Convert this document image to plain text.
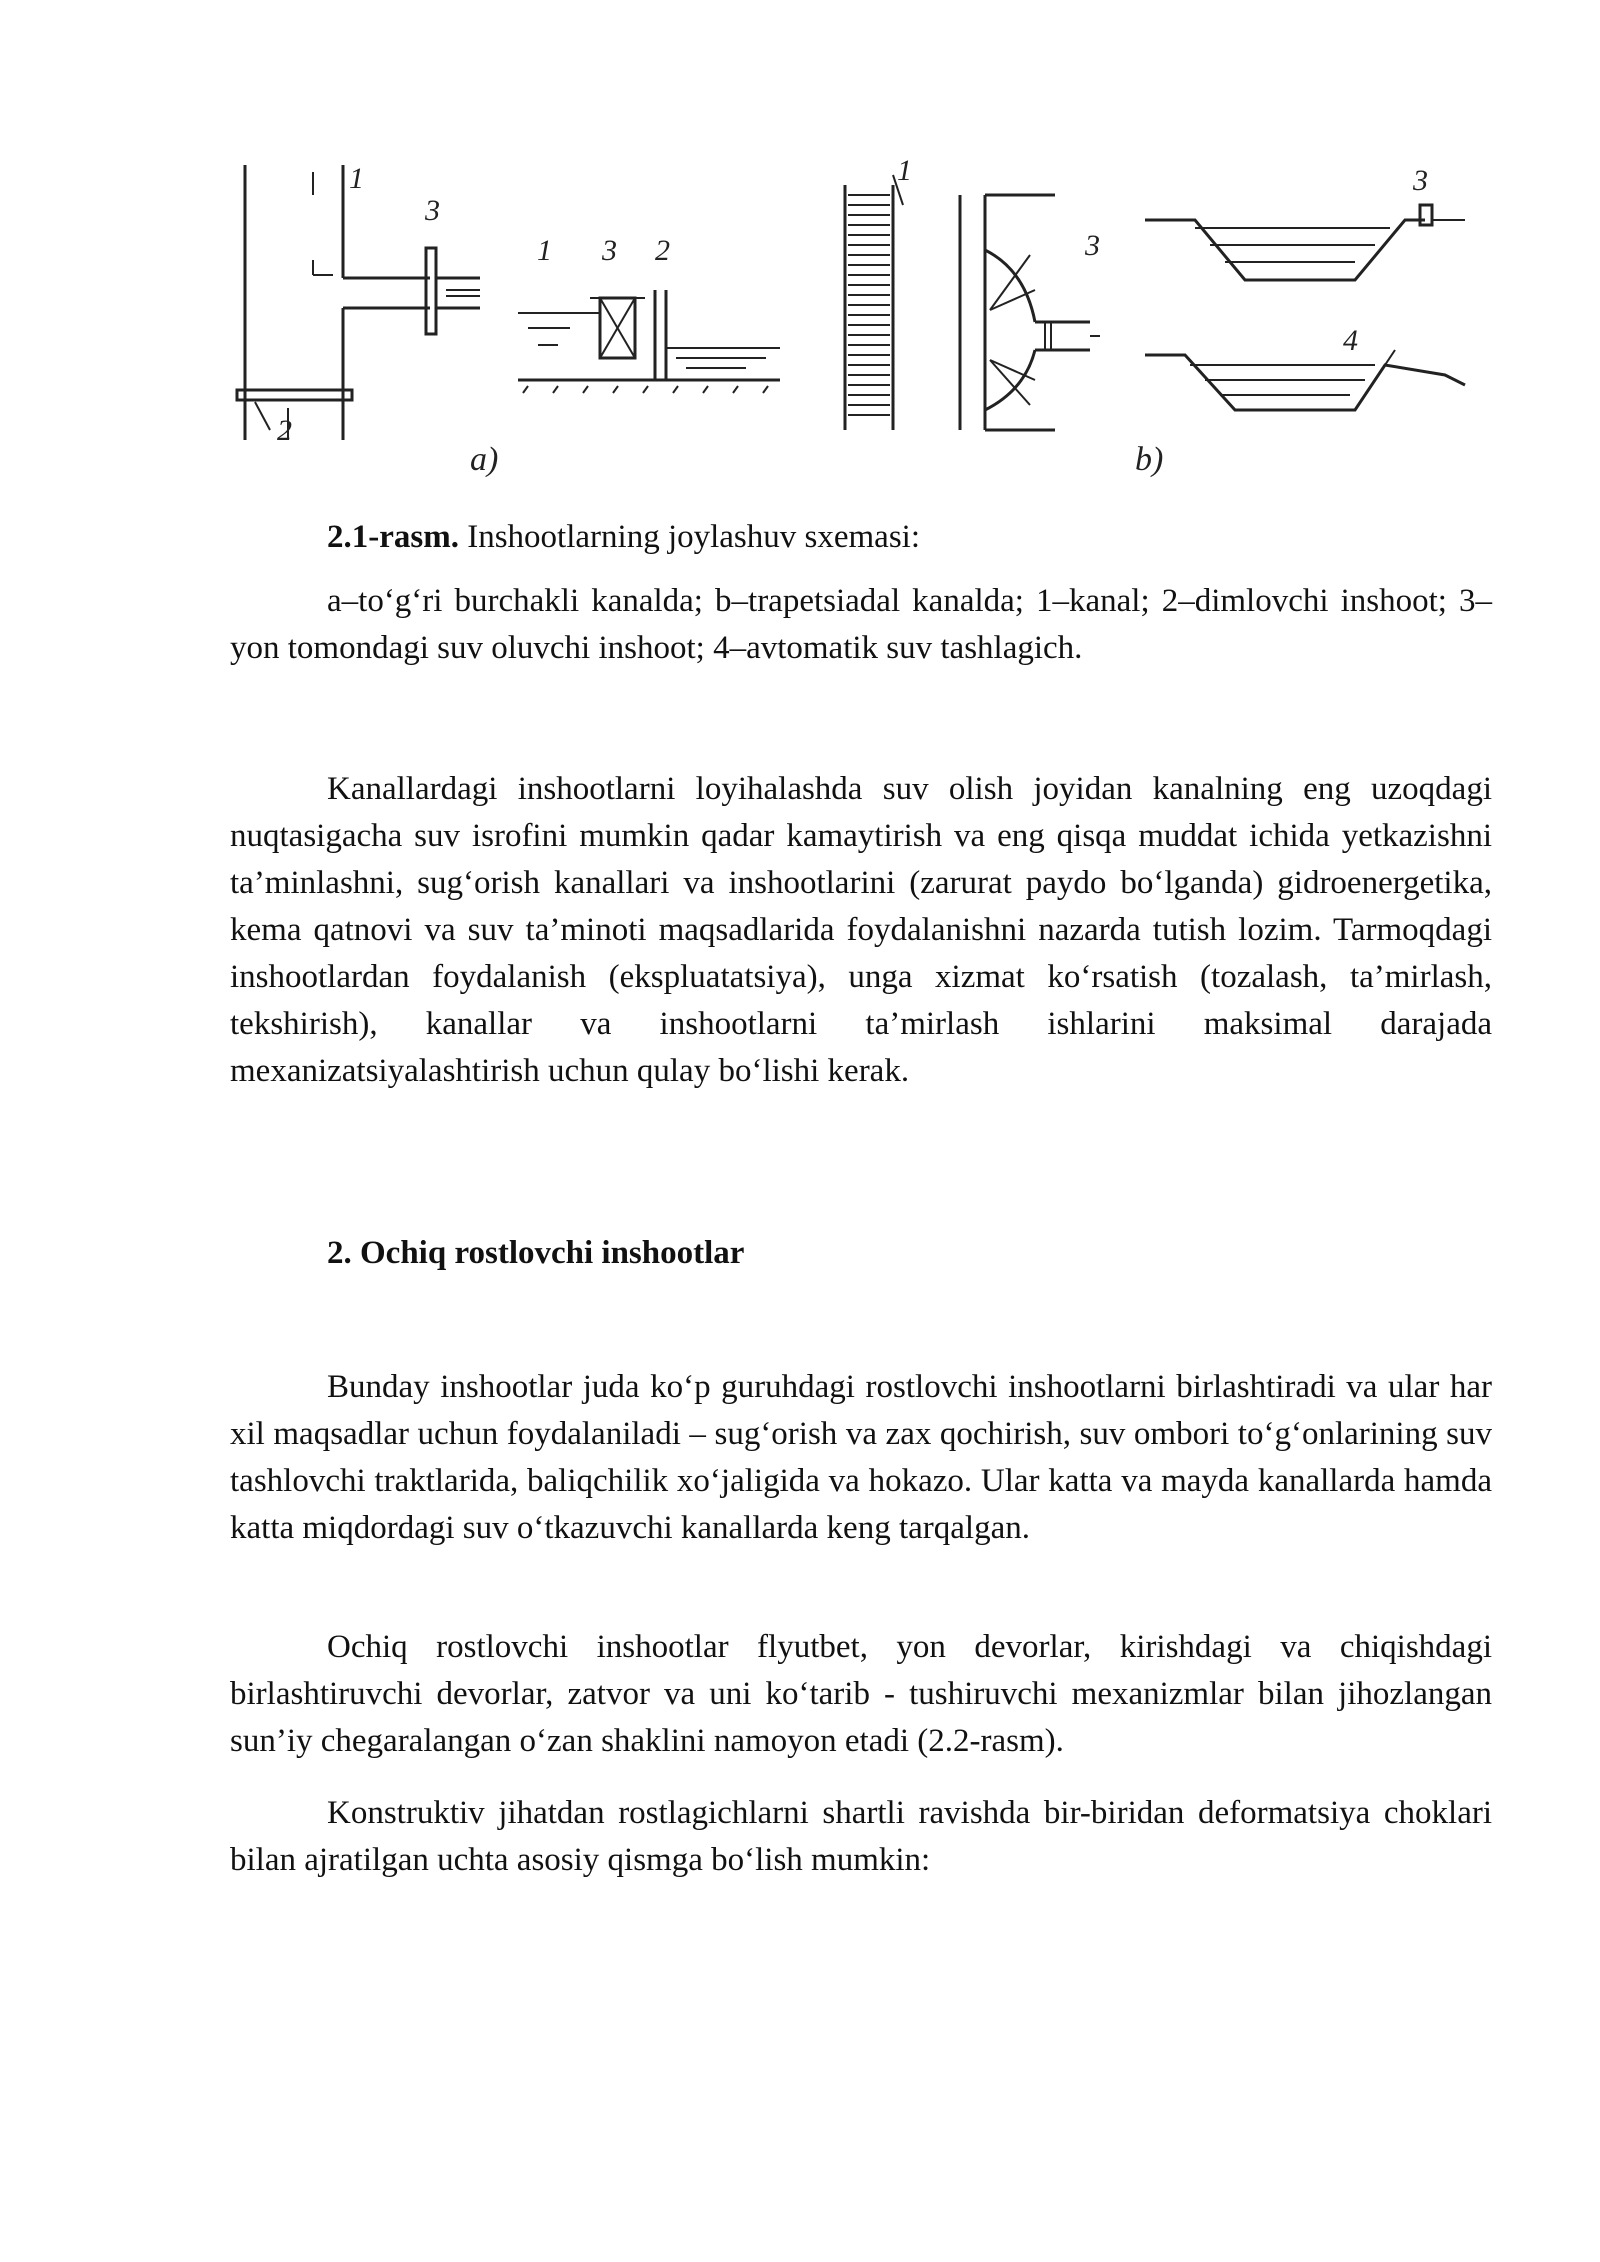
1
2
3
1 3 2
1
3
3
4
a)	b)

2.1-rasm. Inshootlarning joylashuv sxemasi:

a–to‘g‘ri burchakli kanalda; b–trapetsiadal kanalda; 1–kanal; 2–dimlovchi inshoot; 3–yon tomondagi suv oluvchi inshoot; 4–avtomatik suv tashlagich.

Kanallardagi inshootlarni loyihalashda suv olish joyidan kanalning eng uzoqdagi nuqtasigacha suv isrofini mumkin qadar kamaytirish va eng qisqa muddat ichida yetkazishni ta’minlashni, sug‘orish kanallari va inshootlarini (zarurat paydo bo‘lganda) gidroenergetika, kema qatnovi va suv ta’minoti maqsadlarida foydalanishni nazarda tutish lozim. Tarmoqdagi inshootlardan foydalanish (ekspluatatsiya), unga xizmat ko‘rsatish (tozalash, ta’mirlash, tekshirish), kanallar va inshootlarni ta’mirlash ishlarini maksimal darajada mexanizatsiyalashtirish uchun qulay bo‘lishi kerak.

2. Ochiq rostlovchi inshootlar

Bunday inshootlar juda ko‘p guruhdagi rostlovchi inshootlarni birlashtiradi va ular har xil maqsadlar uchun foydalaniladi – sug‘orish va zax qochirish, suv ombori to‘g‘onlarining suv tashlovchi traktlarida, baliqchilik xo‘jaligida va hokazo. Ular katta va mayda kanallarda hamda katta miqdordagi suv o‘tkazuvchi kanallarda keng tarqalgan.

Ochiq rostlovchi inshootlar flyutbet, yon devorlar, kirishdagi va chiqishdagi birlashtiruvchi devorlar, zatvor va uni ko‘tarib - tushiruvchi mexanizmlar bilan jihozlangan sun’iy chegaralangan o‘zan shaklini namoyon etadi (2.2-rasm).

Konstruktiv jihatdan rostlagichlarni shartli ravishda bir-biridan deformatsiya choklari bilan ajratilgan uchta asosiy qismga bo‘lish mumkin:
